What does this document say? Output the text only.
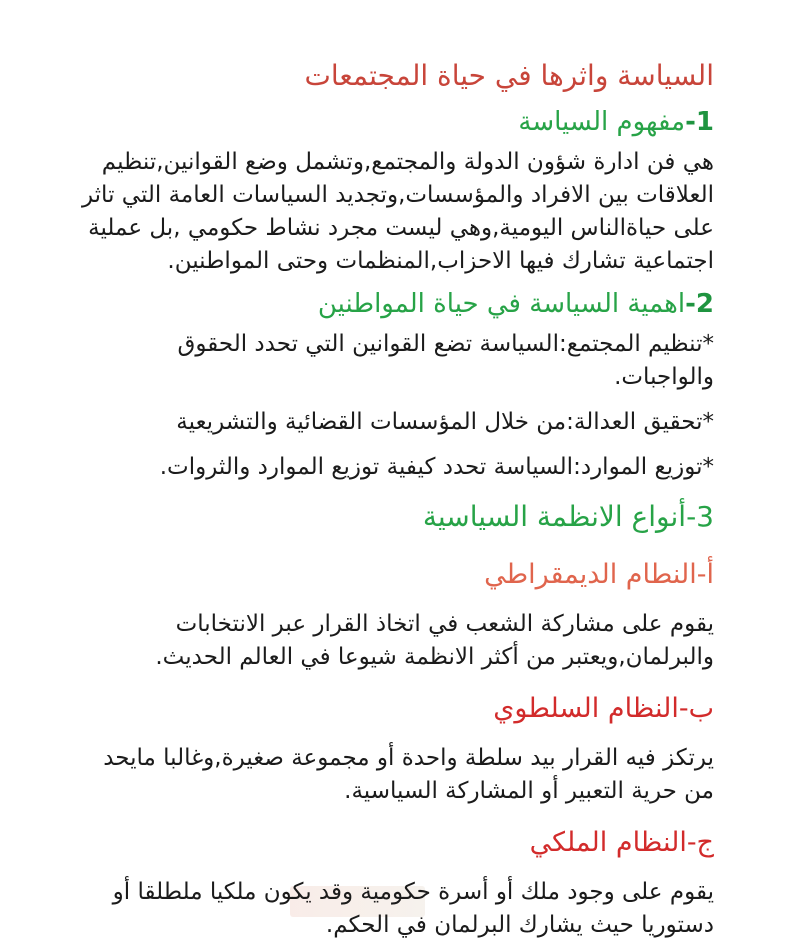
السياسة واثرها في حياة المجتمعات
1-مفهوم السياسة

هي فن ادارة شؤون الدولة والمجتمع,وتشمل وضع القوانين,تنظيم العلاقات بين الافراد والمؤسسات,وتجديد السياسات العامة التي تاثر على حياةالناس اليومية,وهي ليست مجرد نشاط حكومي ,بل عملية اجتماعية تشارك فيها الاحزاب,المنظمات وحتى المواطنين.

2-اهمية السياسة في حياة المواطنين

*تنظيم المجتمع:السياسة تضع القوانين التي تحدد الحقوق والواجبات.

*تحقيق العدالة:من خلال المؤسسات القضائية والتشريعية

*توزيع الموارد:السياسة تحدد كيفية توزيع الموارد والثروات.

3-أنواع الانظمة السياسية
أ-النطام الديمقراطي

يقوم على مشاركة الشعب في اتخاذ القرار عبر الانتخابات والبرلمان,ويعتبر من أكثر الانظمة شيوعا في العالم الحديث.

ب-النظام السلطوي

يرتكز فيه القرار بيد سلطة واحدة أو مجموعة صغيرة,وغالبا مايحد من حرية التعبير أو المشاركة السياسية.

ج-النظام الملكي

يقوم على وجود ملك أو أسرة حكومية وقد يكون ملكيا ملطلقا أو دستوريا حيث يشارك البرلمان في الحكم.
